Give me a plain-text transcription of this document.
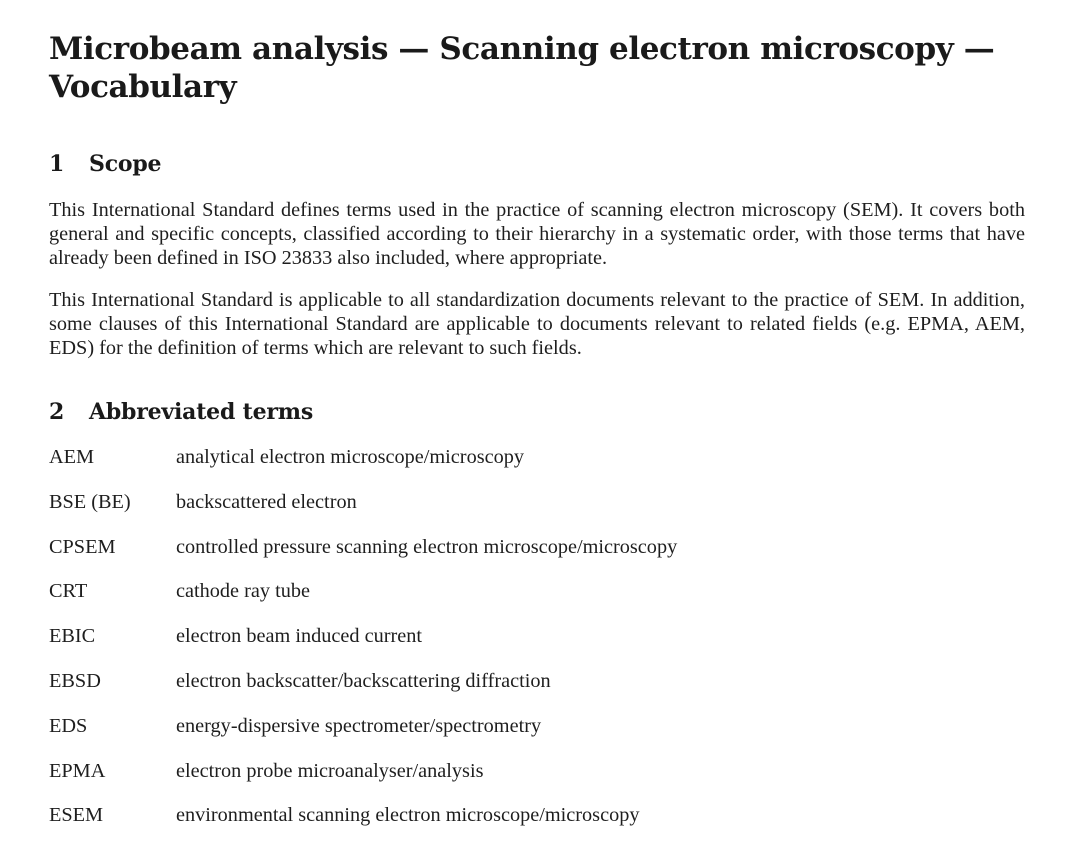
Microbeam analysis — Scanning electron microscopy —
Vocabulary
1	Scope

This International Standard defines terms used in the practice of scanning electron microscopy (SEM). It covers both general and specific concepts, classified according to their hierarchy in a systematic order, with those terms that have already been defined in ISO 23833 also included, where appropriate.

This International Standard is applicable to all standardization documents relevant to the practice of SEM. In addition, some clauses of this International Standard are applicable to documents relevant to related fields (e.g. EPMA, AEM, EDS) for the definition of terms which are relevant to such fields.

2	Abbreviated terms
AEM	analytical electron microscope/microscopy
BSE (BE)	backscattered electron
CPSEM	controlled pressure scanning electron microscope/microscopy
CRT	cathode ray tube
EBIC	electron beam induced current
EBSD	electron backscatter/backscattering diffraction
EDS	energy-dispersive spectrometer/spectrometry
EPMA	electron probe microanalyser/analysis
ESEM	environmental scanning electron microscope/microscopy
